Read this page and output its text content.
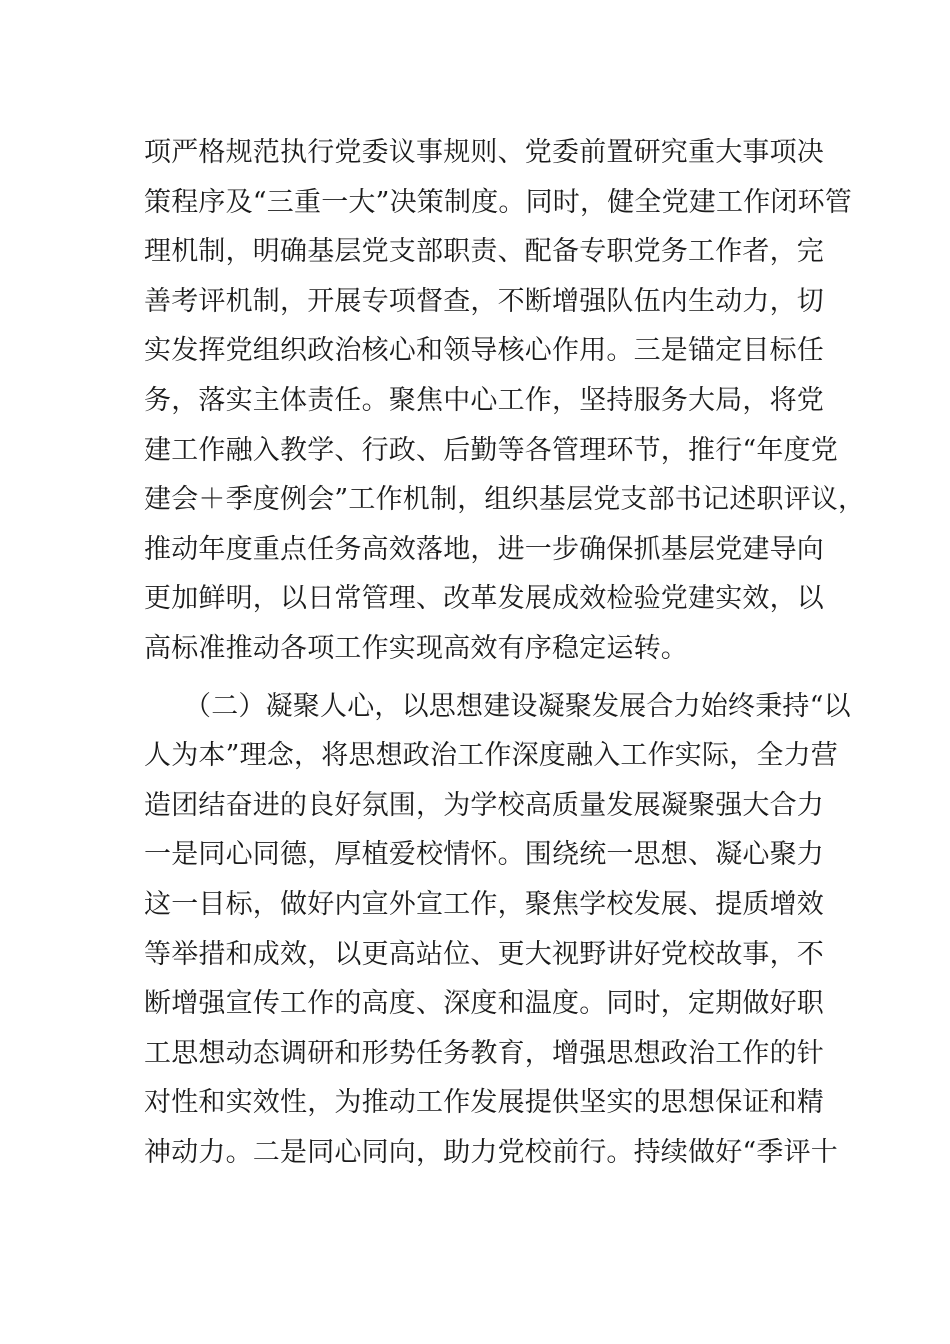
项严格规范执行党委议事规则、党委前置研究重大事项决
策程序及“三重一大”决策制度。同时，健全党建工作闭环管
理机制，明确基层党支部职责、配备专职党务工作者，完
善考评机制，开展专项督查，不断增强队伍内生动力，切
实发挥党组织政治核心和领导核心作用。三是锚定目标任
务，落实主体责任。聚焦中心工作，坚持服务大局，将党
建工作融入教学、行政、后勤等各管理环节，推行“年度党
建会＋季度例会”工作机制，组织基层党支部书记述职评议，
推动年度重点任务高效落地，进一步确保抓基层党建导向
更加鲜明，以日常管理、改革发展成效检验党建实效，以
高标准推动各项工作实现高效有序稳定运转。
（二）凝聚人心，以思想建设凝聚发展合力始终秉持“以
人为本”理念，将思想政治工作深度融入工作实际，全力营
造团结奋进的良好氛围，为学校高质量发展凝聚强大合力
一是同心同德，厚植爱校情怀。围绕统一思想、凝心聚力
这一目标，做好内宣外宣工作，聚焦学校发展、提质增效
等举措和成效，以更高站位、更大视野讲好党校故事，不
断增强宣传工作的高度、深度和温度。同时，定期做好职
工思想动态调研和形势任务教育，增强思想政治工作的针
对性和实效性，为推动工作发展提供坚实的思想保证和精
神动力。二是同心同向，助力党校前行。持续做好“季评十
